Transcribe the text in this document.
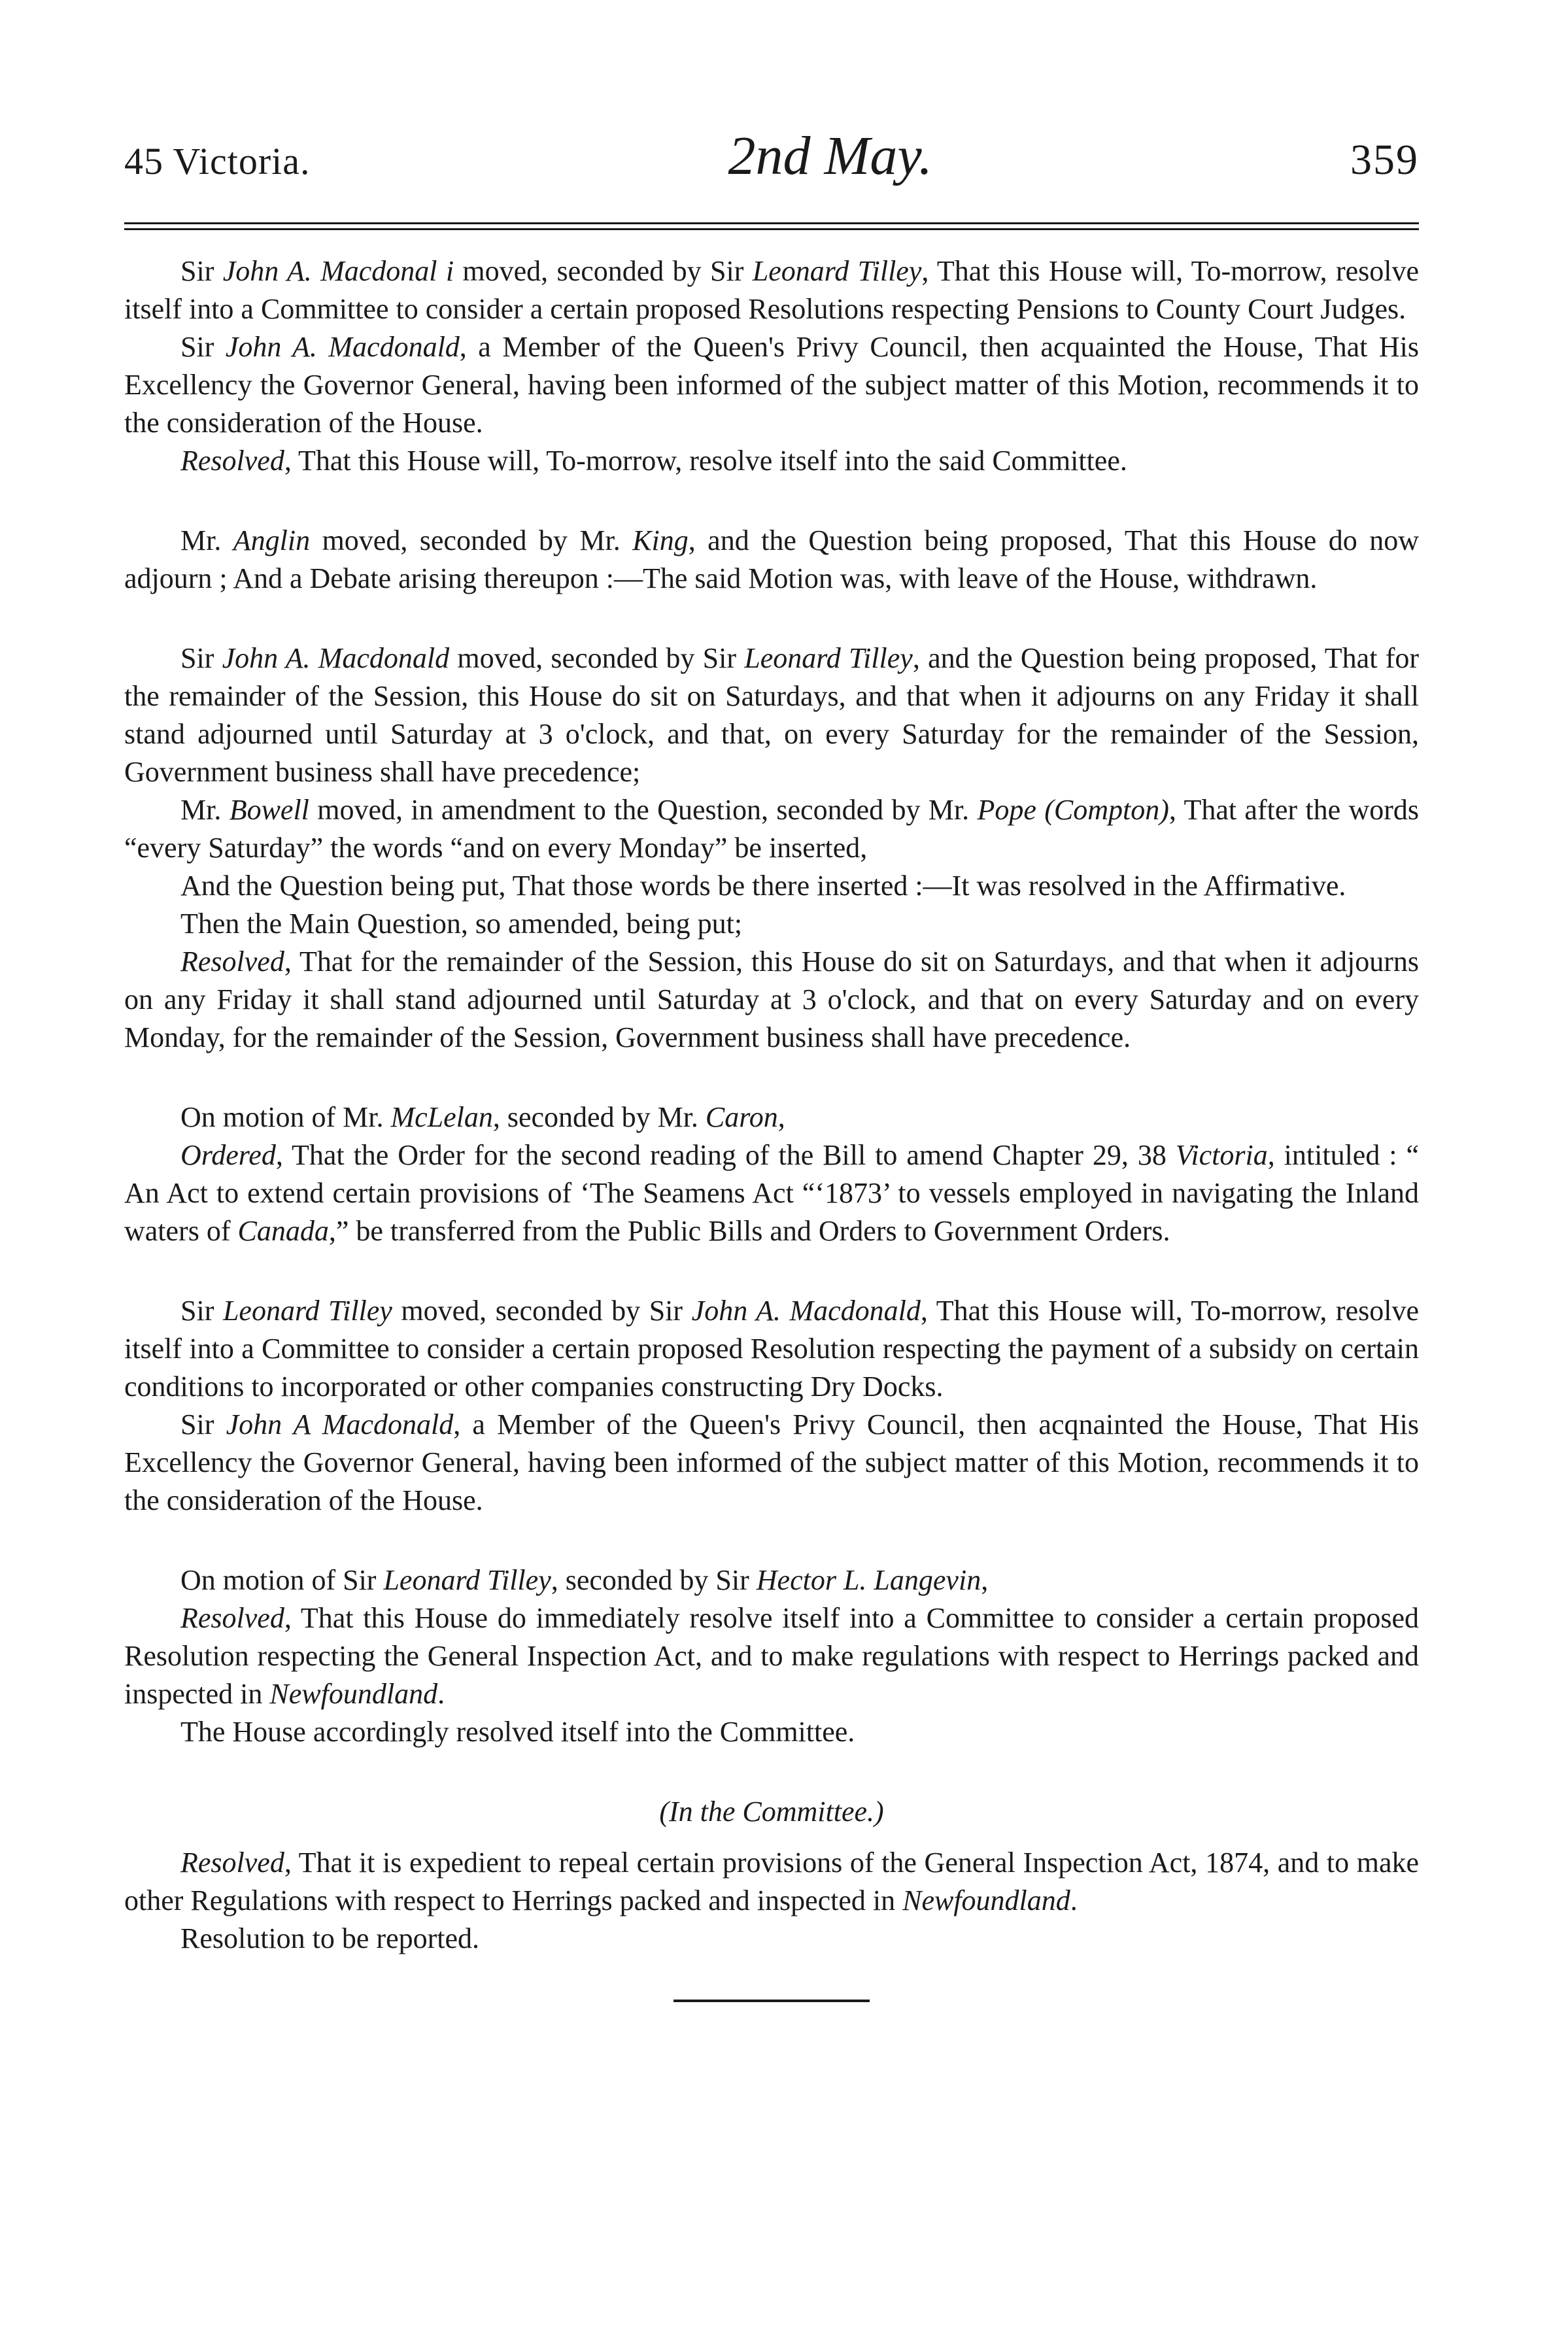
45 Victoria.	2nd May.	359

Sir John A. Macdonal i moved, seconded by Sir Leonard Tilley, That this House will, To-morrow, resolve itself into a Committee to consider a certain proposed Resolutions respecting Pensions to County Court Judges.

Sir John A. Macdonald, a Member of the Queen's Privy Council, then acquainted the House, That His Excellency the Governor General, having been informed of the subject matter of this Motion, recommends it to the consideration of the House.

Resolved, That this House will, To-morrow, resolve itself into the said Committee.

Mr. Anglin moved, seconded by Mr. King, and the Question being proposed, That this House do now adjourn ; And a Debate arising thereupon :—The said Motion was, with leave of the House, withdrawn.

Sir John A. Macdonald moved, seconded by Sir Leonard Tilley, and the Question being proposed, That for the remainder of the Session, this House do sit on Saturdays, and that when it adjourns on any Friday it shall stand adjourned until Saturday at 3 o'clock, and that, on every Saturday for the remainder of the Session, Government business shall have precedence;

Mr. Bowell moved, in amendment to the Question, seconded by Mr. Pope (Compton), That after the words “every Saturday” the words “and on every Monday” be inserted,

And the Question being put, That those words be there inserted :—It was resolved in the Affirmative.

Then the Main Question, so amended, being put;

Resolved, That for the remainder of the Session, this House do sit on Saturdays, and that when it adjourns on any Friday it shall stand adjourned until Saturday at 3 o'clock, and that on every Saturday and on every Monday, for the remainder of the Session, Government business shall have precedence.

On motion of Mr. McLelan, seconded by Mr. Caron,

Ordered, That the Order for the second reading of the Bill to amend Chapter 29, 38 Victoria, intituled : “ An Act to extend certain provisions of ‘The Seamens Act “‘1873’ to vessels employed in navigating the Inland waters of Canada,” be transferred from the Public Bills and Orders to Government Orders.

Sir Leonard Tilley moved, seconded by Sir John A. Macdonald, That this House will, To-morrow, resolve itself into a Committee to consider a certain proposed Resolution respecting the payment of a subsidy on certain conditions to incorporated or other companies constructing Dry Docks.

Sir John A Macdonald, a Member of the Queen's Privy Council, then acqnainted the House, That His Excellency the Governor General, having been informed of the subject matter of this Motion, recommends it to the consideration of the House.

On motion of Sir Leonard Tilley, seconded by Sir Hector L. Langevin,

Resolved, That this House do immediately resolve itself into a Committee to consider a certain proposed Resolution respecting the General Inspection Act, and to make regulations with respect to Herrings packed and inspected in Newfoundland.

The House accordingly resolved itself into the Committee.

(In the Committee.)

Resolved, That it is expedient to repeal certain provisions of the General Inspection Act, 1874, and to make other Regulations with respect to Herrings packed and inspected in Newfoundland.

Resolution to be reported.
